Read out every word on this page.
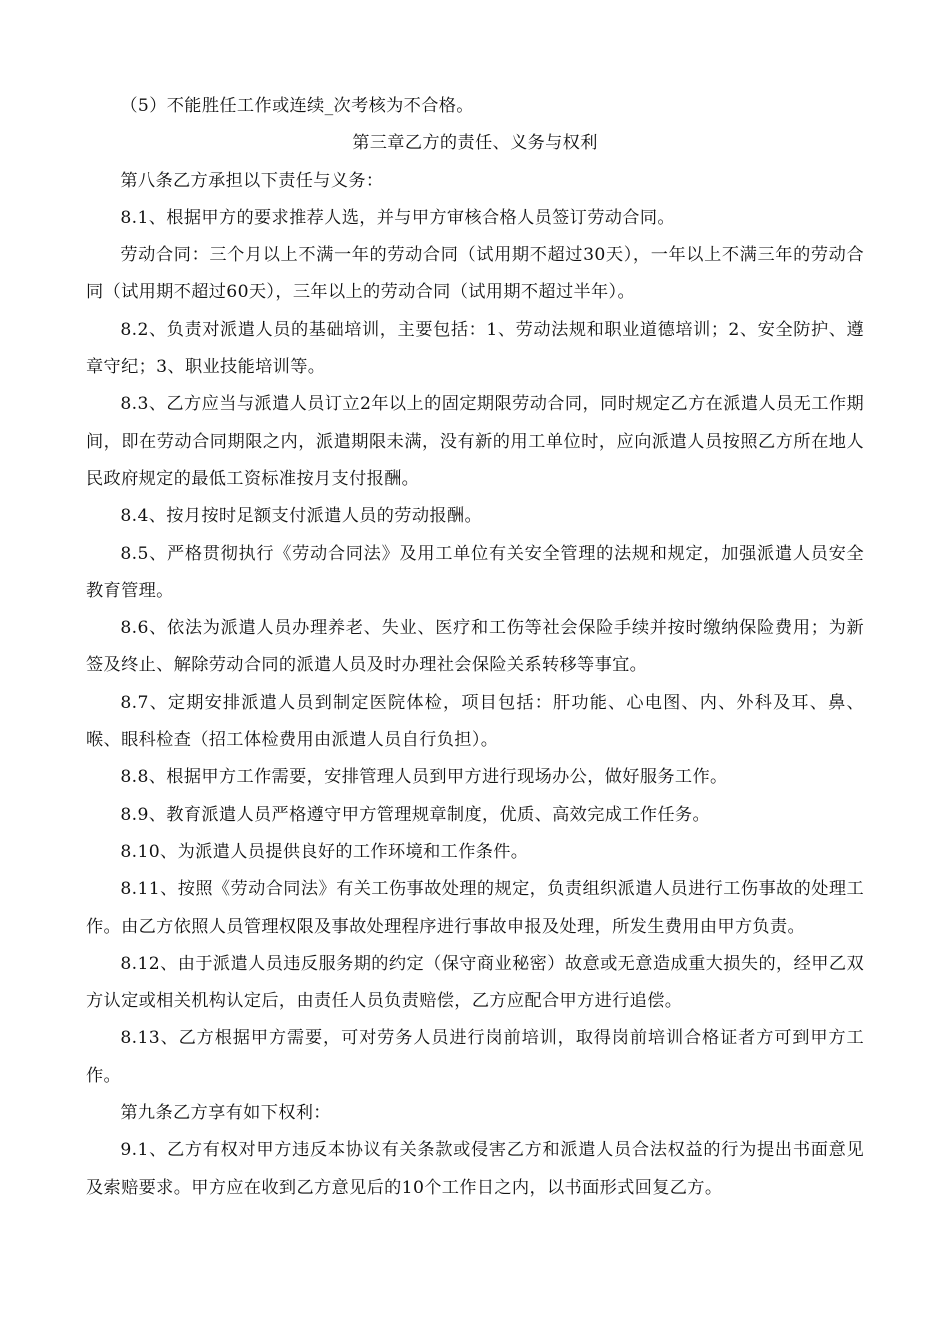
（5）不能胜任工作或连续_次考核为不合格。

第三章乙方的责任、义务与权利

第八条乙方承担以下责任与义务：

8.1、根据甲方的要求推荐人选，并与甲方审核合格人员签订劳动合同。

劳动合同：三个月以上不满一年的劳动合同（试用期不超过30天），一年以上不满三年的劳动合同（试用期不超过60天），三年以上的劳动合同（试用期不超过半年）。

8.2、负责对派遣人员的基础培训，主要包括：1、劳动法规和职业道德培训；2、安全防护、遵章守纪；3、职业技能培训等。

8.3、乙方应当与派遣人员订立2年以上的固定期限劳动合同，同时规定乙方在派遣人员无工作期间，即在劳动合同期限之内，派遣期限未满，没有新的用工单位时，应向派遣人员按照乙方所在地人民政府规定的最低工资标准按月支付报酬。

8.4、按月按时足额支付派遣人员的劳动报酬。

8.5、严格贯彻执行《劳动合同法》及用工单位有关安全管理的法规和规定，加强派遣人员安全教育管理。

8.6、依法为派遣人员办理养老、失业、医疗和工伤等社会保险手续并按时缴纳保险费用；为新签及终止、解除劳动合同的派遣人员及时办理社会保险关系转移等事宜。

8.7、定期安排派遣人员到制定医院体检，项目包括：肝功能、心电图、内、外科及耳、鼻、喉、眼科检查（招工体检费用由派遣人员自行负担）。

8.8、根据甲方工作需要，安排管理人员到甲方进行现场办公，做好服务工作。

8.9、教育派遣人员严格遵守甲方管理规章制度，优质、高效完成工作任务。

8.10、为派遣人员提供良好的工作环境和工作条件。

8.11、按照《劳动合同法》有关工伤事故处理的规定，负责组织派遣人员进行工伤事故的处理工作。由乙方依照人员管理权限及事故处理程序进行事故申报及处理，所发生费用由甲方负责。

8.12、由于派遣人员违反服务期的约定（保守商业秘密）故意或无意造成重大损失的，经甲乙双方认定或相关机构认定后，由责任人员负责赔偿，乙方应配合甲方进行追偿。

8.13、乙方根据甲方需要，可对劳务人员进行岗前培训，取得岗前培训合格证者方可到甲方工作。

第九条乙方享有如下权利：

9.1、乙方有权对甲方违反本协议有关条款或侵害乙方和派遣人员合法权益的行为提出书面意见及索赔要求。甲方应在收到乙方意见后的10个工作日之内，以书面形式回复乙方。
